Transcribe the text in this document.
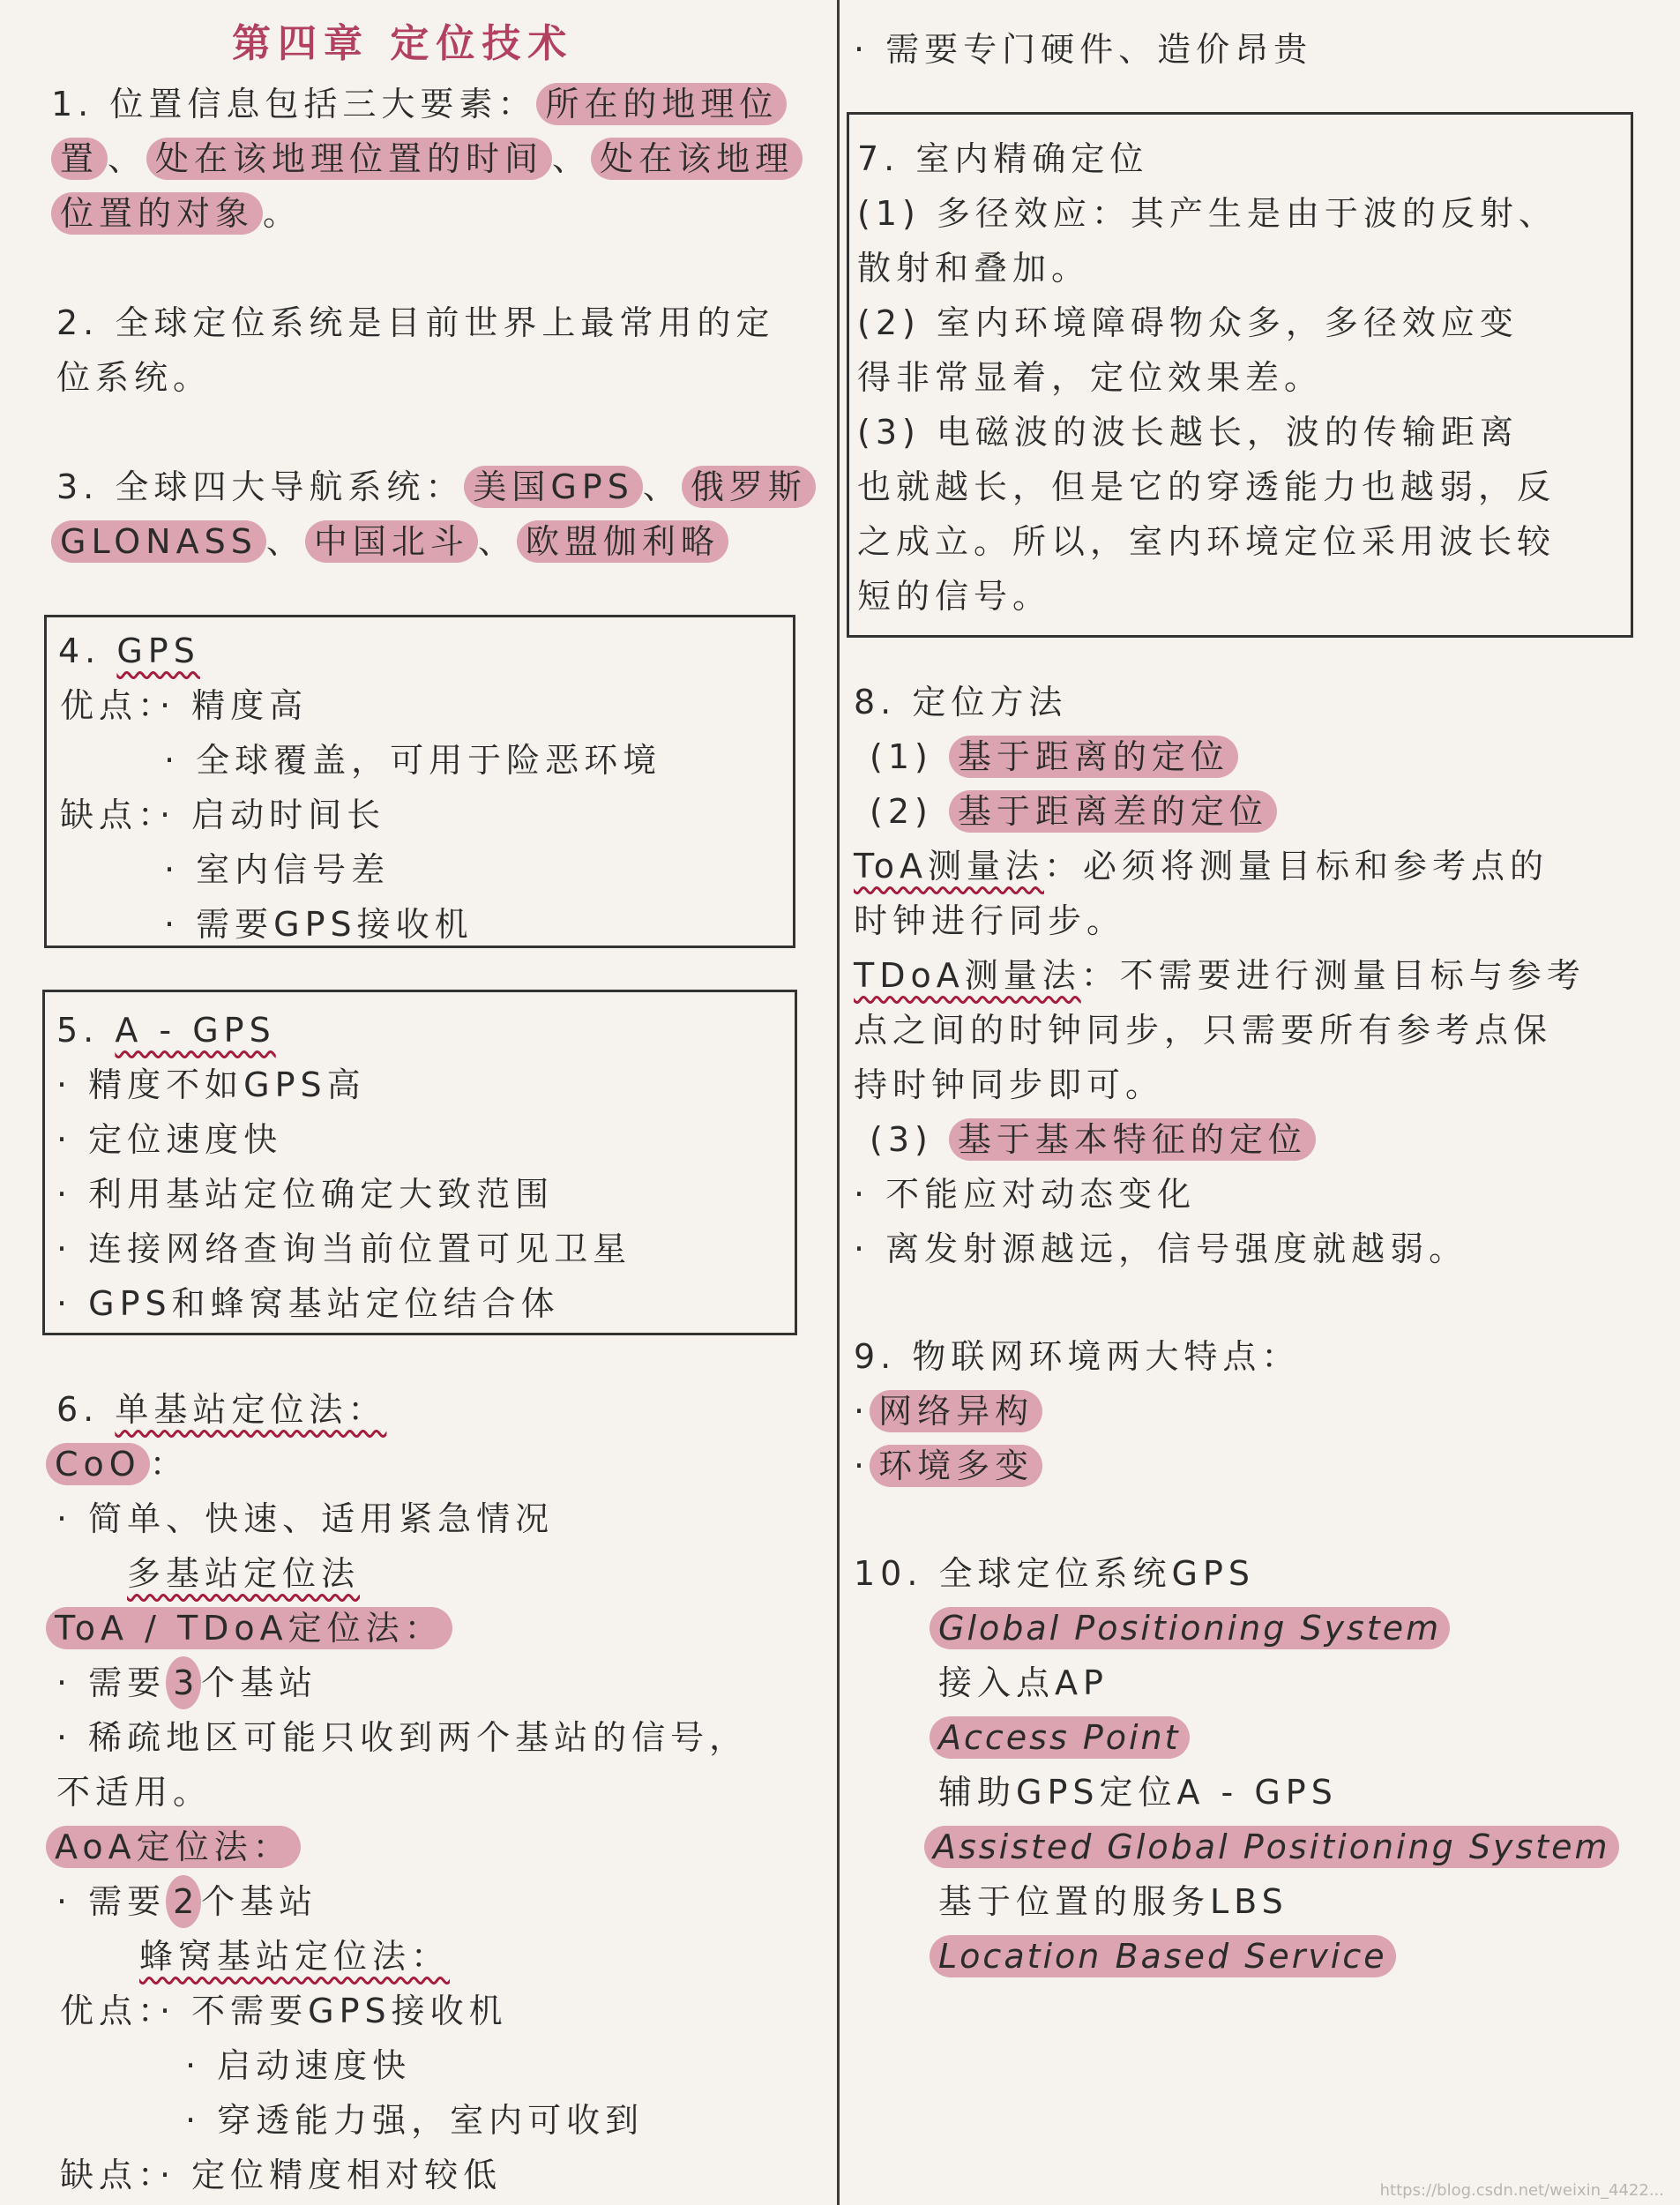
第四章 定位技术
1. 位置信息包括三大要素： 所在的地理位
置 、 处在该地理位置的时间 、 处在该地理
位置的对象 。
2. 全球定位系统是目前世界上最常用的定
位系统。
3. 全球四大导航系统： 美国GPS 、 俄罗斯
GLONASS 、 中国北斗 、 欧盟伽利略
4. GPS
优点：· 精度高
· 全球覆盖，可用于险恶环境
缺点：· 启动时间长
· 室内信号差
· 需要GPS接收机
5. A - GPS
· 精度不如GPS高
· 定位速度快
· 利用基站定位确定大致范围
· 连接网络查询当前位置可见卫星
· GPS和蜂窝基站定位结合体
6. 单基站定位法：
CoO ：
· 简单、快速、适用紧急情况
多基站定位法
ToA / TDoA定位法：
· 需要 3 个基站
· 稀疏地区可能只收到两个基站的信号，
不适用。
AoA定位法：
· 需要 2 个基站
蜂窝基站定位法：
优点：· 不需要GPS接收机
· 启动速度快
· 穿透能力强，室内可收到
缺点：· 定位精度相对较低
· 需要专门硬件、造价昂贵
7. 室内精确定位
(1) 多径效应：其产生是由于波的反射、
散射和叠加。
(2) 室内环境障碍物众多，多径效应变
得非常显着，定位效果差。
(3) 电磁波的波长越长，波的传输距离
也就越长，但是它的穿透能力也越弱，反
之成立。所以，室内环境定位采用波长较
短的信号。
8. 定位方法
(1) 基于距离的定位
(2) 基于距离差的定位
ToA测量法：必须将测量目标和参考点的
时钟进行同步。
TDoA测量法：不需要进行测量目标与参考
点之间的时钟同步，只需要所有参考点保
持时钟同步即可。
(3) 基于基本特征的定位
· 不能应对动态变化
· 离发射源越远，信号强度就越弱。
9. 物联网环境两大特点：
· 网络异构
· 环境多变
10. 全球定位系统GPS
Global Positioning System
接入点AP
Access Point
辅助GPS定位A - GPS
Assisted Global Positioning System
基于位置的服务LBS
Location Based Service
https://blog.csdn.net/weixin_4422...
